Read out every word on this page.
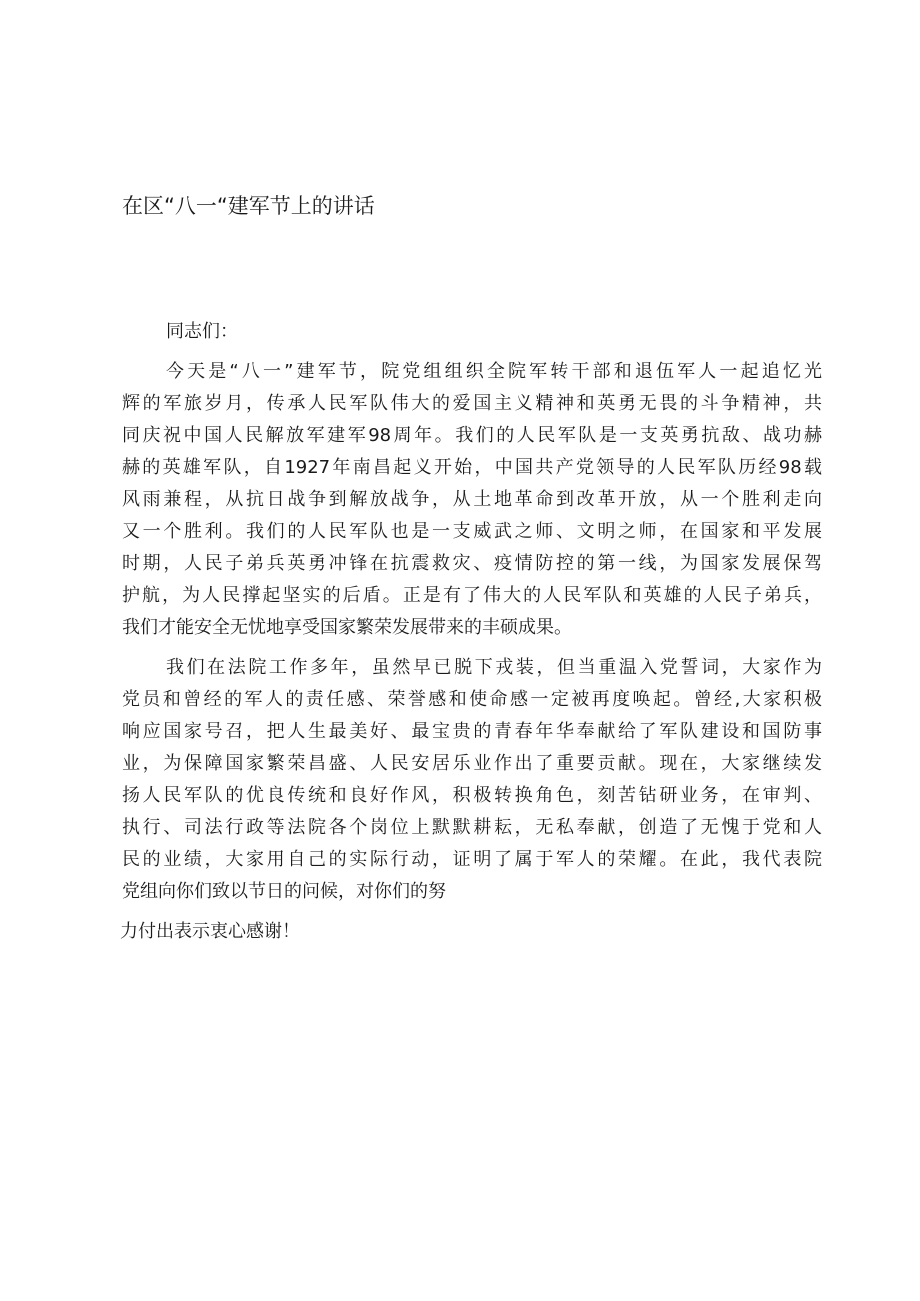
在区“八一“建军节上的讲话
同志们：
今天是“八一”建军节，院党组组织全院军转干部和退伍军人一起追忆光
辉的军旅岁月，传承人民军队伟大的爱国主义精神和英勇无畏的斗争精神，共
同庆祝中国人民解放军建军98周年。我们的人民军队是一支英勇抗敌、战功赫
赫的英雄军队，自1927年南昌起义开始，中国共产党领导的人民军队历经98载
风雨兼程，从抗日战争到解放战争，从土地革命到改革开放，从一个胜利走向
又一个胜利。我们的人民军队也是一支威武之师、文明之师，在国家和平发展
时期，人民子弟兵英勇冲锋在抗震救灾、疫情防控的第一线，为国家发展保驾
护航，为人民撑起坚实的后盾。正是有了伟大的人民军队和英雄的人民子弟兵，
我们才能安全无忧地享受国家繁荣发展带来的丰硕成果。
我们在法院工作多年，虽然早已脱下戎装，但当重温入党誓词，大家作为
党员和曾经的军人的责任感、荣誉感和使命感一定被再度唤起。曾经,大家积极
响应国家号召，把人生最美好、最宝贵的青春年华奉献给了军队建设和国防事
业，为保障国家繁荣昌盛、人民安居乐业作出了重要贡献。现在，大家继续发
扬人民军队的优良传统和良好作风，积极转换角色，刻苦钻研业务，在审判、
执行、司法行政等法院各个岗位上默默耕耘，无私奉献，创造了无愧于党和人
民的业绩，大家用自己的实际行动，证明了属于军人的荣耀。在此，我代表院
党组向你们致以节日的问候，对你们的努
力付出表示衷心感谢！
